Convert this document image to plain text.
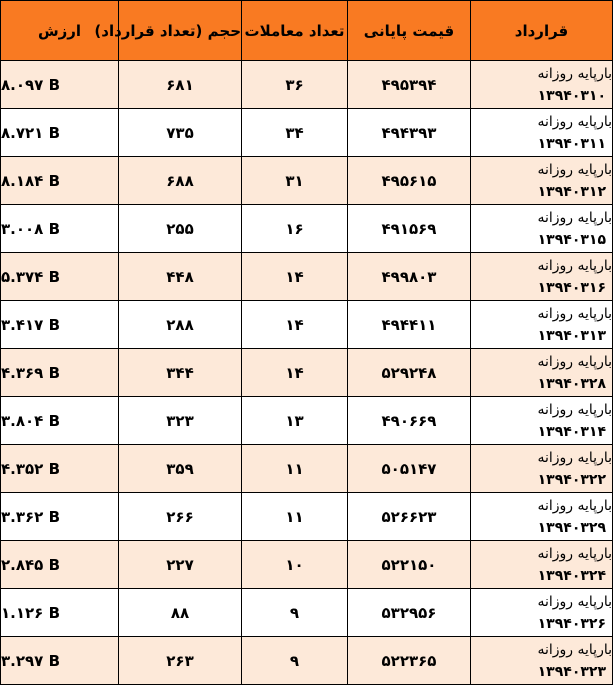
قرارداد	قیمت پایانی	تعداد معاملات	حجم (تعداد قرارداد)	ارزش

بارپایه روزانه
۱۳۹۴۰۳۱۰	۴۹۵۳۹۴	۳۶	۶۸۱	۸.۰۹۷ B

بارپایه روزانه
۱۳۹۴۰۳۱۱	۴۹۴۳۹۳	۳۴	۷۳۵	۸.۷۲۱ B

بارپایه روزانه
۱۳۹۴۰۳۱۲	۴۹۵۶۱۵	۳۱	۶۸۸	۸.۱۸۴ B

بارپایه روزانه
۱۳۹۴۰۳۱۵	۴۹۱۵۶۹	۱۶	۲۵۵	۳.۰۰۸ B

بارپایه روزانه
۱۳۹۴۰۳۱۶	۴۹۹۸۰۳	۱۴	۴۴۸	۵.۳۷۴ B

بارپایه روزانه
۱۳۹۴۰۳۱۳	۴۹۴۴۱۱	۱۴	۲۸۸	۳.۴۱۷ B

بارپایه روزانه
۱۳۹۴۰۳۲۸	۵۲۹۲۴۸	۱۴	۳۴۴	۴.۳۶۹ B

بارپایه روزانه
۱۳۹۴۰۳۱۴	۴۹۰۶۶۹	۱۳	۳۲۳	۳.۸۰۴ B

بارپایه روزانه
۱۳۹۴۰۳۲۲	۵۰۵۱۴۷	۱۱	۳۵۹	۴.۳۵۲ B

بارپایه روزانه
۱۳۹۴۰۳۲۹	۵۲۶۶۲۳	۱۱	۲۶۶	۳.۳۶۲ B

بارپایه روزانه
۱۳۹۴۰۳۲۴	۵۲۲۱۵۰	۱۰	۲۲۷	۲.۸۴۵ B

بارپایه روزانه
۱۳۹۴۰۳۲۶	۵۳۲۹۵۶	۹	۸۸	۱.۱۲۶ B

بارپایه روزانه
۱۳۹۴۰۳۲۳	۵۲۲۳۶۵	۹	۲۶۳	۳.۲۹۷ B
